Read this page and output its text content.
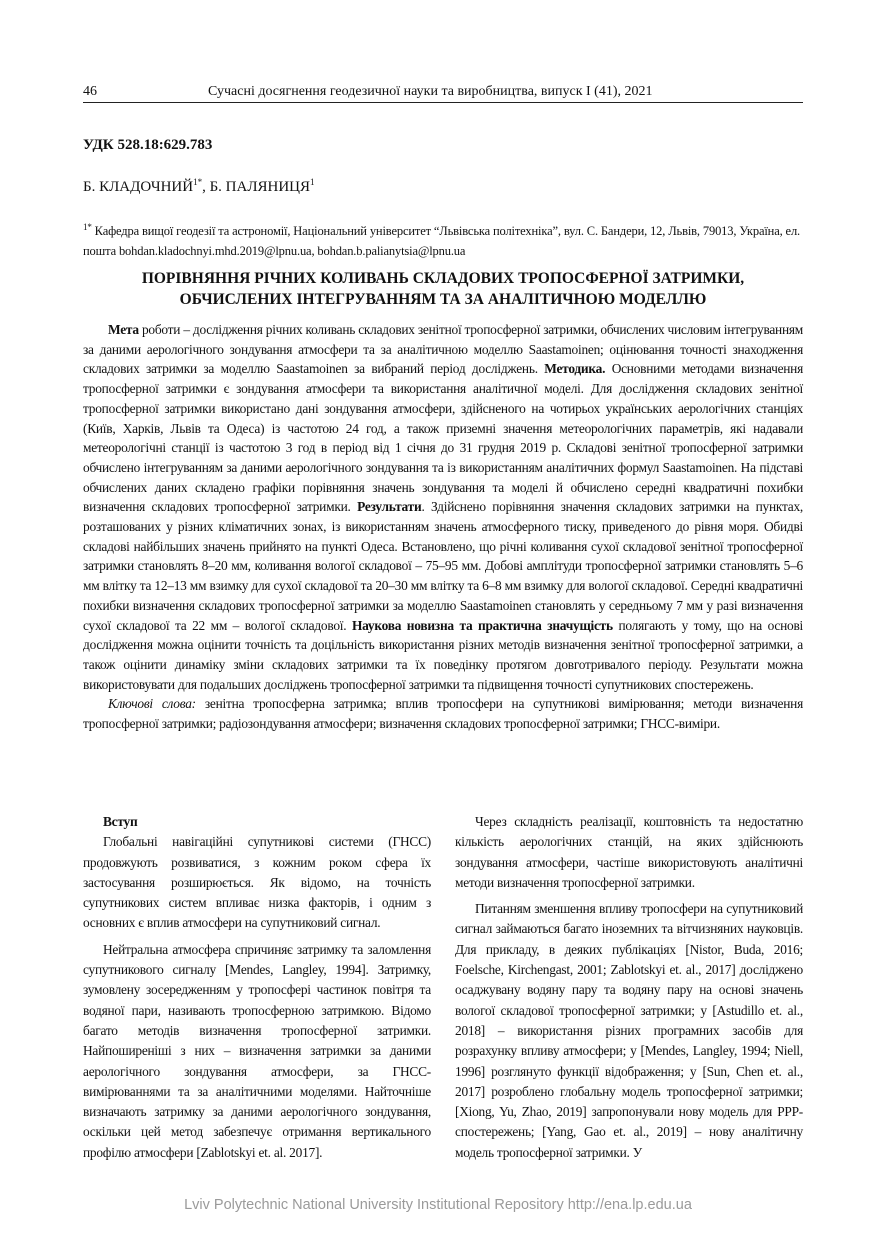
46	Сучасні досягнення геодезичної науки та виробництва, випуск I (41), 2021
УДК 528.18:629.783
Б. $КЛАДОЧНИЙ^{1*}$, Б. ПАЛЯНИЦЯ$^1$
$^{1*}$ Кафедра вищої геодезії та астрономії, Національний університет “Львівська політехніка”, вул. С. Бандери, 12, Львів, 79013, Україна, ел. пошта bohdan.kladochnyi.mhd.2019@lpnu.ua, bohdan.b.palianytsia@lpnu.ua
ПОРІВНЯННЯ РІЧНИХ КОЛИВАНЬ СКЛАДОВИХ ТРОПОСФЕРНОЇ ЗАТРИМКИ,
ОБЧИСЛЕНИХ ІНТЕГРУВАННЯМ ТА ЗА АНАЛІТИЧНОЮ МОДЕЛЛЮ

Мета роботи – дослідження річних коливань складових зенітної тропосферної затримки, обчислених числовим інтегруванням за даними аерологічного зондування атмосфери та за аналітичною моделлю Saastamoinen; оцінювання точності знаходження складових затримки за моделлю Saastamoinen за вибраний період досліджень. Методика. Основними методами визначення тропосферної затримки є зондування атмосфери та використання аналітичної моделі. Для дослідження складових зенітної тропосферної затримки використано дані зондування атмосфери, здійсненого на чотирьох українських аерологічних станціях (Київ, Харків, Львів та Одеса) із частотою 24 год, а також приземні значення метеорологічних параметрів, які надавали метеорологічні станції із частотою 3 год в період від 1 січня до 31 грудня 2019 р. Складові зенітної тропосферної затримки обчислено інтегруванням за даними аерологічного зондування та із використанням аналітичних формул Saastamoinen. На підставі обчислених даних складено графіки порівняння значень зондування та моделі й обчислено середні квадратичні похибки визначення складових тропосферної затримки. Результати. Здійснено порівняння значення складових затримки на пунктах, розташованих у різних кліматичних зонах, із використанням значень атмосферного тиску, приведеного до рівня моря. Обидві складові найбільших значень прийнято на пункті Одеса. Встановлено, що річні коливання сухої складової зенітної тропосферної затримки становлять 8–20 мм, коливання вологої складової – 75–95 мм. Добові амплітуди тропосферної затримки становлять 5–6 мм влітку та 12–13 мм взимку для сухої складової та 20–30 мм влітку та 6–8 мм взимку для вологої складової. Середні квадратичні похибки визначення складових тропосферної затримки за моделлю Saastamoinen становлять у середньому 7 мм у разі визначення сухої складової та 22 мм – вологої складової. Наукова новизна та практична значущість полягають у тому, що на основі дослідження можна оцінити точність та доцільність використання різних методів визначення зенітної тропосферної затримки, а також оцінити динаміку зміни складових затримки та їх поведінку протягом довготривалого періоду. Результати можна використовувати для подальших досліджень тропосферної затримки та підвищення точності супутникових спостережень.

Ключові слова: зенітна тропосферна затримка; вплив тропосфери на супутникові вимірювання; методи визначення тропосферної затримки; радіозондування атмосфери; визначення складових тропосферної затримки; ГНСС-виміри.

Вступ

Глобальні навігаційні супутникові системи (ГНСС) продовжують розвиватися, з кожним роком сфера їх застосування розширюється. Як відомо, на точність супутникових систем впливає низка факторів, і одним з основних є вплив атмосфери на супутниковий сигнал.

Нейтральна атмосфера спричиняє затримку та заломлення супутникового сигналу [Mendes, Langley, 1994]. Затримку, зумовлену зосередженням у тропосфері частинок повітря та водяної пари, називають тропосферною затримкою. Відомо багато методів визначення тропосферної затримки. Найпоширеніші з них – визначення затримки за даними аерологічного зондування атмосфери, за ГНСС-вимірюваннями та за аналітичними моделями. Найточніше визначають затримку за даними аерологічного зондування, оскільки цей метод забезпечує отримання вертикального профілю атмосфери [Zablotskyi et. al. 2017].

Через складність реалізації, коштовність та недостатню кількість аерологічних станцій, на яких здійснюють зондування атмосфери, частіше використовують аналітичні методи визначення тропосферної затримки.

Питанням зменшення впливу тропосфери на супутниковий сигнал займаються багато іноземних та вітчизняних науковців. Для прикладу, в деяких публікаціях [Nistor, Buda, 2016; Foelsche, Kirchengast, 2001; Zablotskyi et. al., 2017] досліджено осаджувану водяну пару та водяну пару на основі значень вологої складової тропосферної затримки; у [Astudillo et. al., 2018] – використання різних програмних засобів для розрахунку впливу атмосфери; у [Mendes, Langley, 1994; Niell, 1996] розглянуто функції відображення; у [Sun, Chen et. al., 2017] розроблено глобальну модель тропосферної затримки; [Xiong, Yu, Zhao, 2019] запропонували нову модель для PPP-спостережень; [Yang, Gao et. al., 2019] – нову аналітичну модель тропосферної затримки. У

Lviv Polytechnic National University Institutional Repository http://ena.lp.edu.ua
